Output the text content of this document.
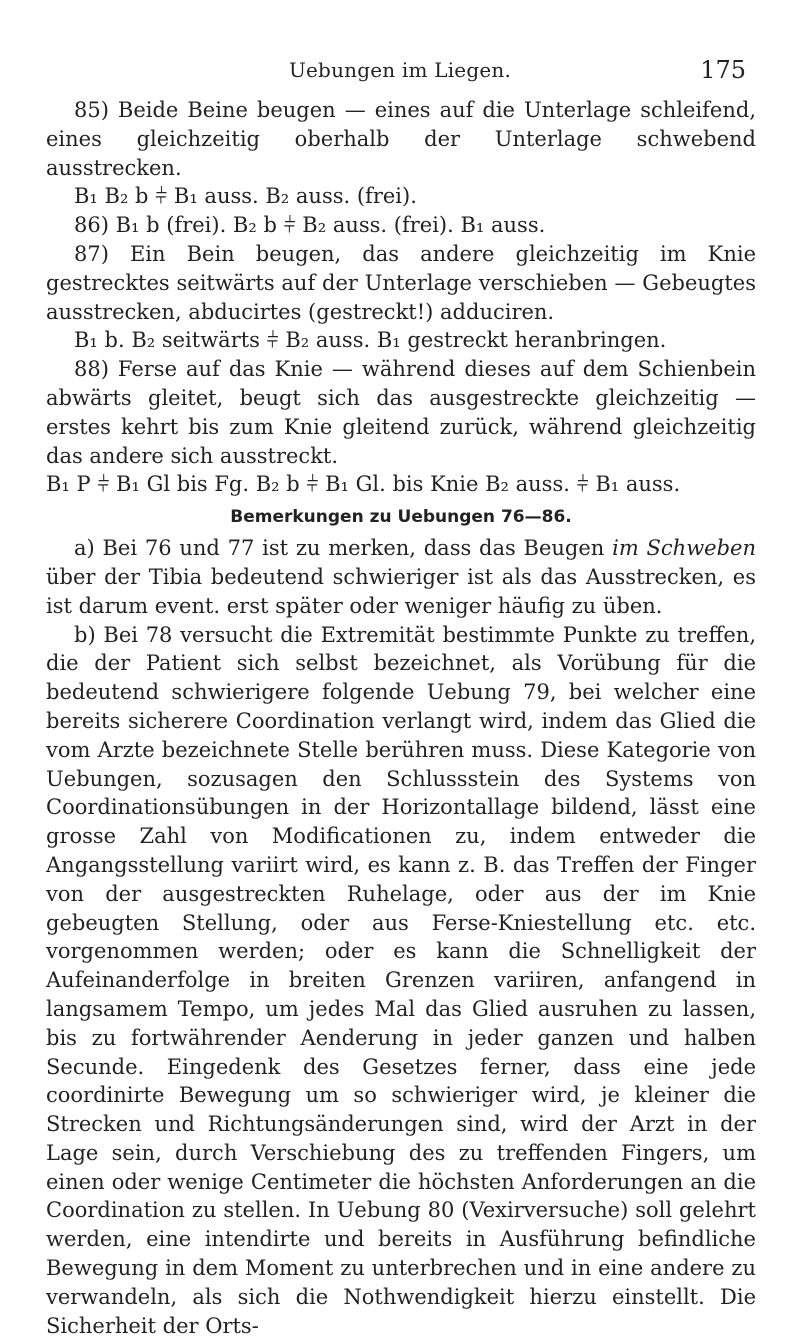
Uebungen im Liegen.	175

85) Beide Beine beugen — eines auf die Unterlage schleifend, eines gleichzeitig oberhalb der Unterlage schwebend ausstrecken.

B₁ B₂ b ⫩ B₁ auss. B₂ auss. (frei).

86) B₁ b (frei). B₂ b ⫩ B₂ auss. (frei). B₁ auss.

87) Ein Bein beugen, das andere gleichzeitig im Knie gestrecktes seitwärts auf der Unterlage verschieben — Gebeugtes ausstrecken, abducirtes (gestreckt!) adduciren.

B₁ b. B₂ seitwärts ⫩ B₂ auss. B₁ gestreckt heranbringen.

88) Ferse auf das Knie — während dieses auf dem Schienbein abwärts gleitet, beugt sich das ausgestreckte gleichzeitig — erstes kehrt bis zum Knie gleitend zurück, während gleichzeitig das andere sich ausstreckt.

B₁ P ⫩ B₁ Gl bis Fg. B₂ b ⫩ B₁ Gl. bis Knie B₂ auss. ⫩ B₁ auss.

Bemerkungen zu Uebungen 76—86.

a) Bei 76 und 77 ist zu merken, dass das Beugen im Schweben über der Tibia bedeutend schwieriger ist als das Ausstrecken, es ist darum event. erst später oder weniger häufig zu üben.

b) Bei 78 versucht die Extremität bestimmte Punkte zu treffen, die der Patient sich selbst bezeichnet, als Vorübung für die bedeutend schwierigere folgende Uebung 79, bei welcher eine bereits sicherere Coordination verlangt wird, indem das Glied die vom Arzte bezeichnete Stelle berühren muss. Diese Kategorie von Uebungen, sozusagen den Schlussstein des Systems von Coordinationsübungen in der Horizontallage bildend, lässt eine grosse Zahl von Modificationen zu, indem entweder die Angangsstellung variirt wird, es kann z. B. das Treffen der Finger von der ausgestreckten Ruhelage, oder aus der im Knie gebeugten Stellung, oder aus Ferse-Kniestellung etc. etc. vorgenommen werden; oder es kann die Schnelligkeit der Aufeinanderfolge in breiten Grenzen variiren, anfangend in langsamem Tempo, um jedes Mal das Glied ausruhen zu lassen, bis zu fortwährender Aenderung in jeder ganzen und halben Secunde. Eingedenk des Gesetzes ferner, dass eine jede coordinirte Bewegung um so schwieriger wird, je kleiner die Strecken und Richtungsänderungen sind, wird der Arzt in der Lage sein, durch Verschiebung des zu treffenden Fingers, um einen oder wenige Centimeter die höchsten Anforderungen an die Coordination zu stellen. In Uebung 80 (Vexirversuche) soll gelehrt werden, eine intendirte und bereits in Ausführung befindliche Bewegung in dem Moment zu unterbrechen und in eine andere zu verwandeln, als sich die Nothwendigkeit hierzu einstellt. Die Sicherheit der Orts-
